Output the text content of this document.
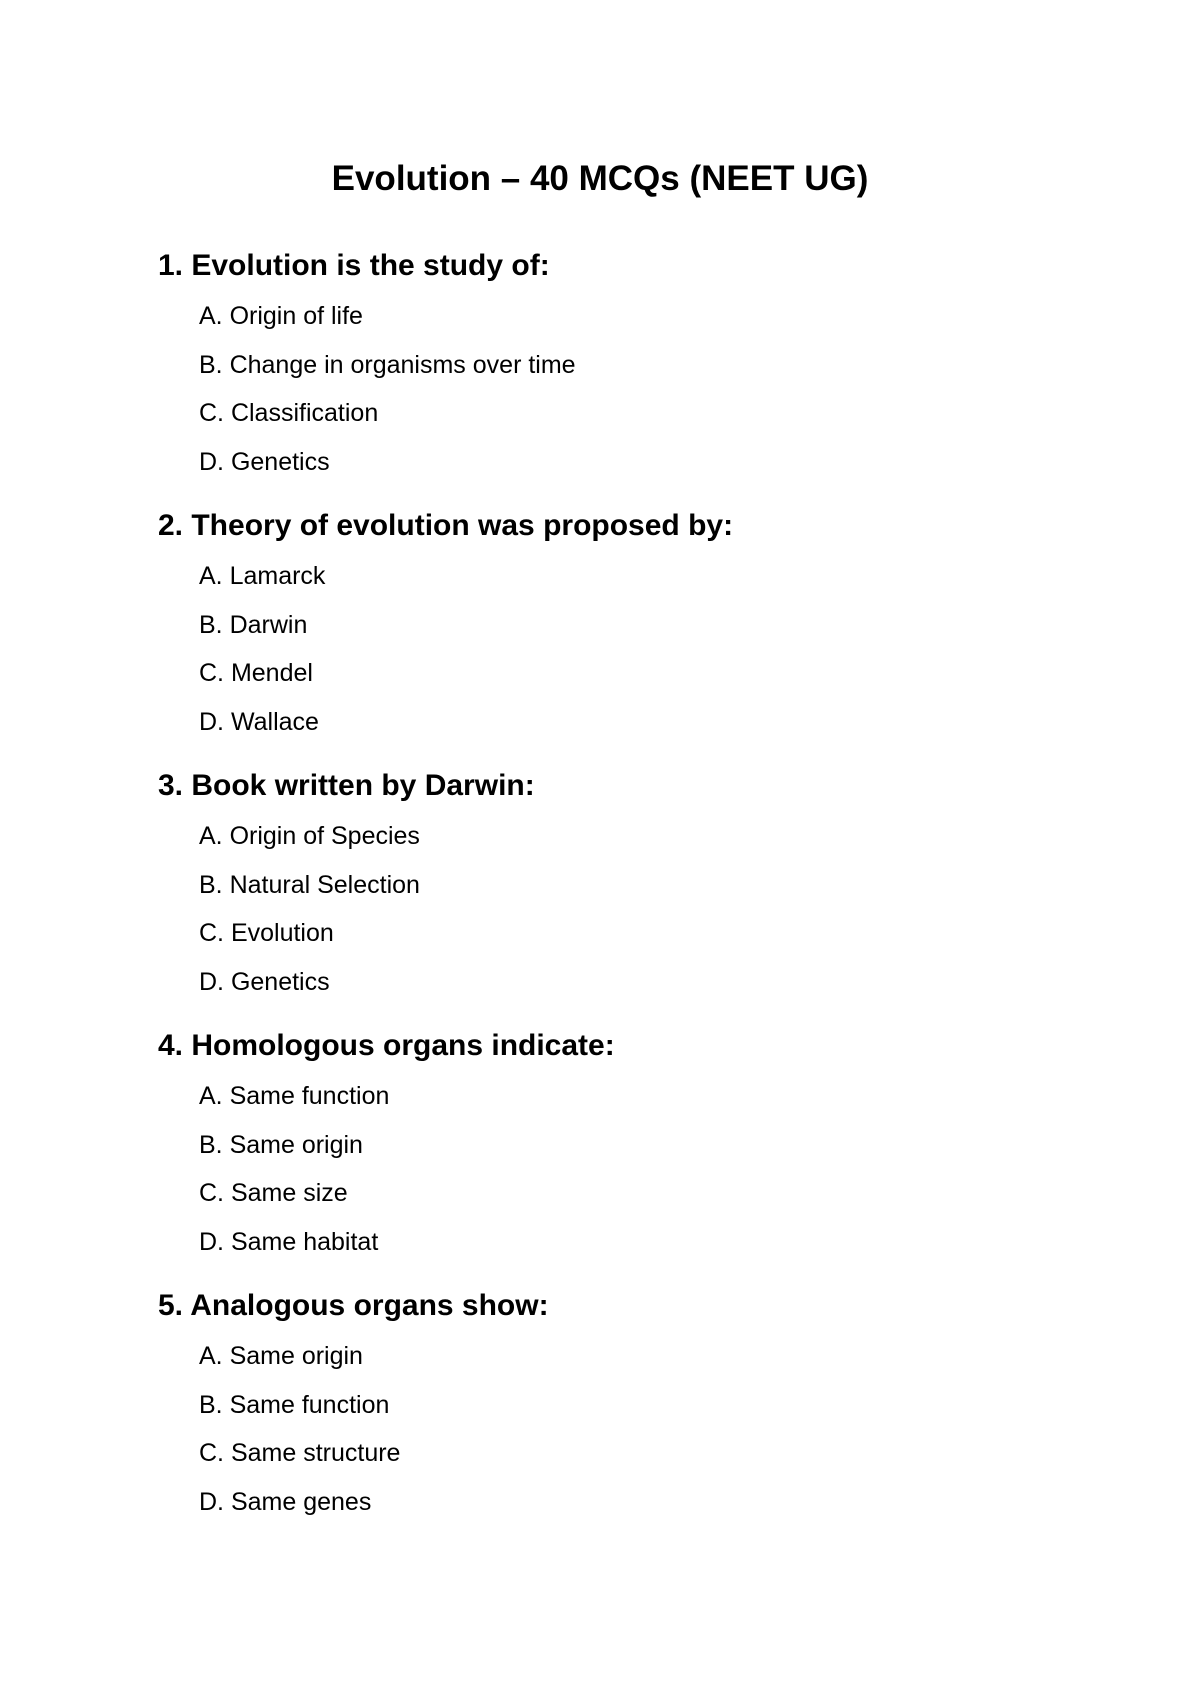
Evolution – 40 MCQs (NEET UG)
1. Evolution is the study of:
A. Origin of life
B. Change in organisms over time
C. Classification
D. Genetics
2. Theory of evolution was proposed by:
A. Lamarck
B. Darwin
C. Mendel
D. Wallace
3. Book written by Darwin:
A. Origin of Species
B. Natural Selection
C. Evolution
D. Genetics
4. Homologous organs indicate:
A. Same function
B. Same origin
C. Same size
D. Same habitat
5. Analogous organs show:
A. Same origin
B. Same function
C. Same structure
D. Same genes
